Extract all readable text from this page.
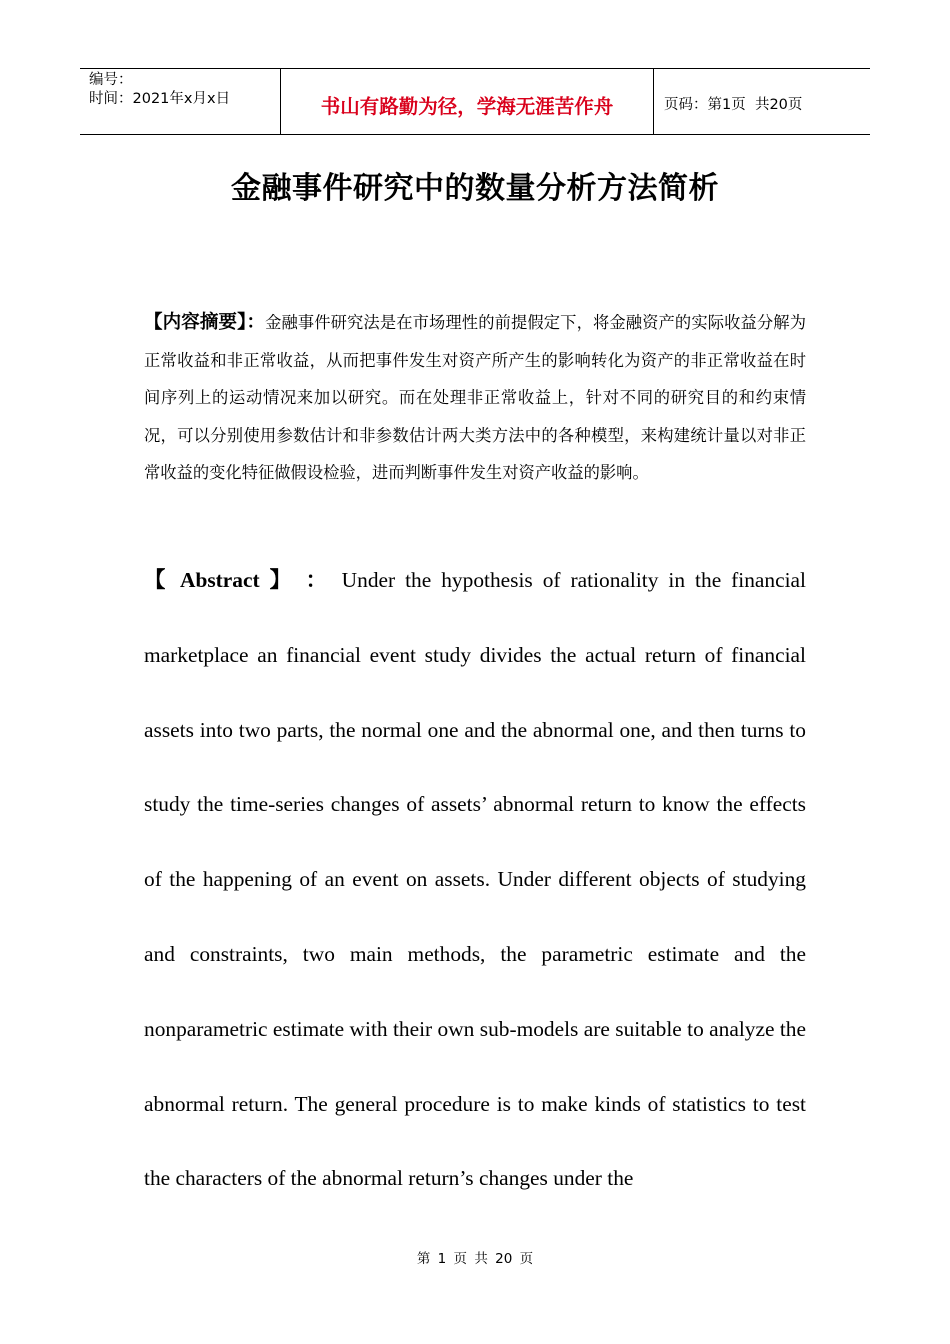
编号：
时间：2021年x月x日	书山有路勤为径，学海无涯苦作舟	页码：第1页  共20页
金融事件研究中的数量分析方法简析
【内容摘要】：金融事件研究法是在市场理性的前提假定下，将金融资产的实际收益分解为正常收益和非正常收益，从而把事件发生对资产所产生的影响转化为资产的非正常收益在时间序列上的运动情况来加以研究。而在处理非正常收益上，针对不同的研究目的和约束情况，可以分别使用参数估计和非参数估计两大类方法中的各种模型，来构建统计量以对非正常收益的变化特征做假设检验，进而判断事件发生对资产收益的影响。
【 Abstract 】 ： Under the hypothesis of rationality in the financial marketplace an financial event study divides the actual return of financial assets into two parts, the normal one and the abnormal one, and then turns to study the time-series changes of assets’ abnormal return to know the effects of the happening of an event on assets. Under different objects of studying and constraints, two main methods, the parametric estimate and the nonparametric estimate with their own sub-models are suitable to analyze the abnormal return. The general procedure is to make kinds of statistics to test the characters of the abnormal return’s changes under the
第 1 页 共 20 页
